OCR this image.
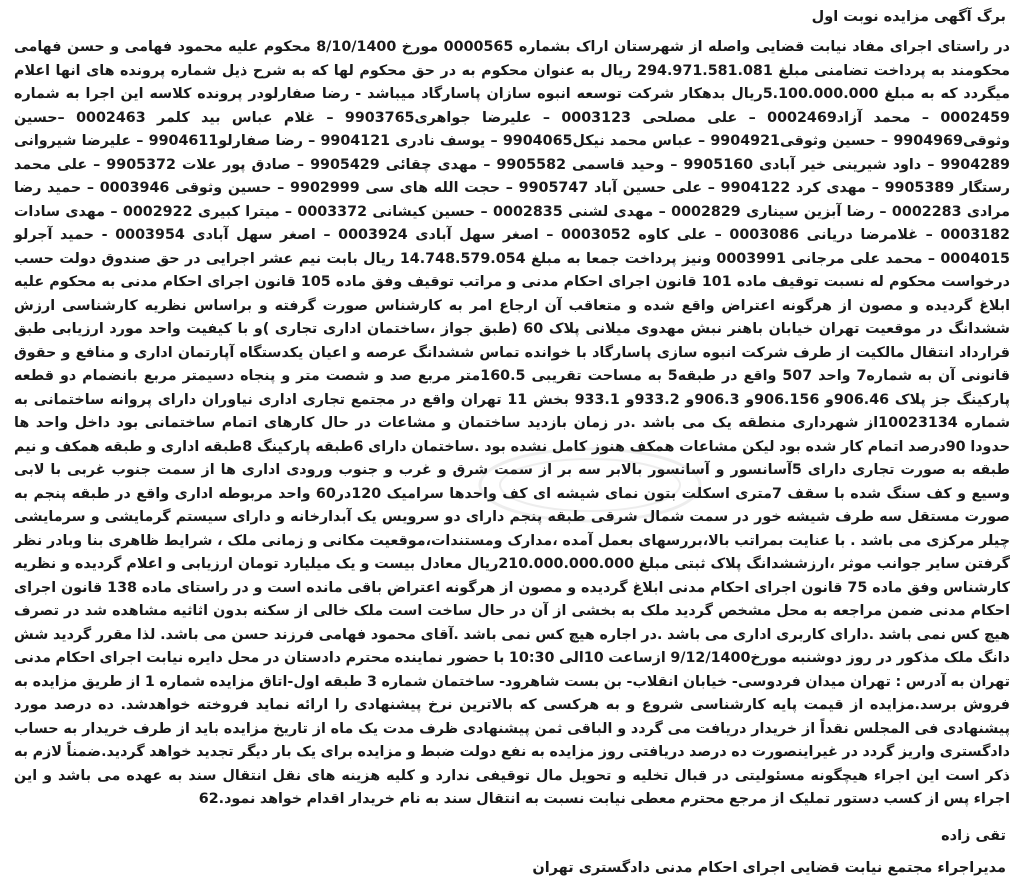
برگ آگهی مزایده نوبت اول

در راستای اجرای مفاد نیابت قضایی واصله از شهرستان اراک بشماره 0000565 مورخ 8/10/1400 محکوم علیه محمود فهامی و حسن فهامی محکومند به پرداخت تضامنی مبلغ 294.971.581.081 ریال به عنوان محکوم به در حق محکوم لها که به شرح ذیل شماره پرونده های انها اعلام میگردد که به مبلغ 5.100.000.000ریال بدهکار شرکت توسعه انبوه سازان پاسارگاد میباشد - رضا صفارلودر پرونده کلاسه این اجرا به شماره 0002459 – محمد آزاد0002469 – علی مصلحی 0003123 – علیرضا جواهری9903765 – غلام عباس بید کلمر 0002463 –حسین وثوقی9904969 – حسین وثوقی9904921 – عباس محمد نیکل9904065 – یوسف نادری 9904121 – رضا صفارلو9904611 – علیرضا شیروانی 9904289 – داود شیرینی خیر آبادی 9905160 – وحید قاسمی 9905582 – مهدی چقائی 9905429 – صادق پور علات 9905372 – علی محمد رستگار 9905389 – مهدی کرد 9904122 – علی حسین آباد 9905747 – حجت الله های سی 9902999 – حسین وثوقی 0003946 – حمید رضا مرادی 0002283 – رضا آبزین سیناری 0002829 – مهدی لشنی 0002835 – حسین کیشانی 0003372 – میترا کبیری 0002922 – مهدی سادات 0003182 – غلامرضا دریانی 0003086 – علی کاوه 0003052 – اصغر سهل آبادی 0003924 – اصغر سهل آبادی 0003954 - حمید آجرلو 0004015 – محمد علی مرجانی 0003991 ونیز پرداخت جمعا به مبلغ 14.748.579.054 ریال بابت نیم عشر اجرایی در حق صندوق دولت حسب درخواست محکوم له نسبت توقیف ماده 101 قانون اجرای احکام مدنی و مراتب توقیف وفق ماده 105 قانون اجرای احکام مدنی به محکوم علیه ابلاغ گردیده و مصون از هرگونه اعتراض واقع شده و متعاقب آن ارجاع امر به کارشناس صورت گرفته و براساس نظریه کارشناسی ارزش ششدانگ در موقعیت تهران خیابان باهنر نبش مهدوی میلانی پلاک 60 (طبق جواز ،ساختمان اداری تجاری )و با کیفیت واحد مورد ارزیابی طبق قرارداد انتقال مالکیت از طرف شرکت انبوه سازی پاسارگاد با خوانده تماس ششدانگ عرصه و اعیان یکدستگاه آپارتمان اداری و منافع و حقوق قانونی آن به شماره7 واحد 507 واقع در طبقه5 به مساحت تقریبی 160.5متر مربع صد و شصت متر و پنجاه دسیمتر مربع بانضمام دو قطعه پارکینگ جز پلاک 906.46و 906.156و 906.3و 933.2و 933.1 بخش 11 تهران واقع در مجتمع تجاری اداری نیاوران دارای پروانه ساختمانی به شماره 10023134از شهرداری منطقه یک می باشد .در زمان بازدید ساختمان و مشاعات در حال کارهای اتمام ساختمانی بود داخل واحد ها حدودا 90درصد اتمام کار شده بود لیکن مشاعات همکف هنوز کامل نشده بود .ساختمان دارای 6طبقه پارکینگ 8طبقه اداری و طبقه همکف و نیم طبقه به صورت تجاری دارای 5آسانسور و آسانسور بالابر سه بر از سمت شرق و غرب و جنوب ورودی اداری ها از سمت جنوب غربی با لابی وسیع و کف سنگ شده با سقف 7متری اسکلت بتون نمای شیشه ای کف واحدها سرامیک 120در60 واحد مربوطه اداری واقع در طبقه پنجم به صورت مستقل سه طرف شیشه خور در سمت شمال شرقی طبقه پنجم دارای دو سرویس یک آبدارخانه و دارای سیستم گرمایشی و سرمایشی چیلر مرکزی می باشد . با عنایت بمراتب بالا،بررسهای بعمل آمده ،مدارک ومستندات،موقعیت مکانی و زمانی ملک ، شرایط ظاهری بنا وبادر نظر گرفتن سایر جوانب موثر ،ارزششدانگ پلاک ثبتی مبلغ 210.000.000.000ریال معادل بیست و یک میلیارد تومان ارزیابی و اعلام گردیده و نظریه کارشناس وفق ماده 75 قانون اجرای احکام مدنی ابلاغ گردیده و مصون از هرگونه اعتراض باقی مانده است و در راستای ماده 138 قانون اجرای احکام مدنی ضمن مراجعه به محل مشخص گردید ملک به بخشی از آن در حال ساخت است ملک خالی از سکنه بدون اثاثیه مشاهده شد در تصرف هیچ کس نمی باشد .دارای کاربری اداری می باشد .در اجاره هیچ کس نمی باشد .آقای محمود فهامی فرزند حسن می باشد. لذا مقرر گردید شش دانگ ملک مذکور در روز دوشنبه مورخ9/12/1400 ازساعت 10الی 10:30 با حضور نماینده محترم دادستان در محل دایره نیابت اجرای احکام مدنی تهران به آدرس : تهران میدان فردوسی- خیابان انقلاب- بن بست شاهرود- ساختمان شماره 3 طبقه اول-اتاق مزایده شماره 1 از طریق مزایده به فروش برسد.مزایده از قیمت پایه کارشناسی شروع و به هرکسی که بالاترین نرخ پیشنهادی را ارائه نماید فروخته خواهدشد. ده درصد مورد پیشنهادی فی المجلس نقداً از خریدار دریافت می گردد و الباقی ثمن پیشنهادی ظرف مدت یک ماه از تاریخ مزایده باید از طرف خریدار به حساب دادگستری واریز گردد در غیراینصورت ده درصد دریافتی روز مزایده به نفع دولت ضبط و مزایده برای یک بار دیگر تجدید خواهد گردید.ضمناً لازم به ذکر است این اجراء هیچگونه مسئولیتی در قبال تخلیه و تحویل مال توقیفی ندارد و کلیه هزینه های نقل انتقال سند به عهده می باشد و این اجراء پس از کسب دستور تملیک از مرجع محترم معطی نیابت نسبت به انتقال سند به نام خریدار اقدام خواهد نمود.62

تقی زاده
مدیراجراء مجتمع نیابت قضایی اجرای احکام مدنی دادگستری تهران
